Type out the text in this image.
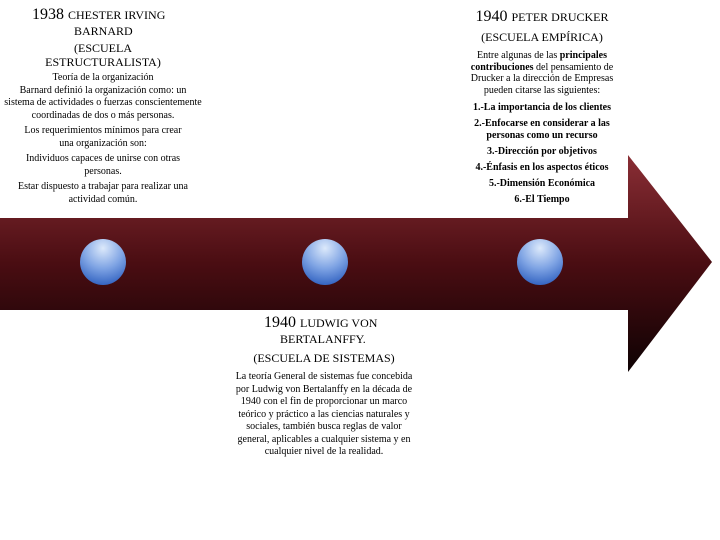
1938 CHESTER IRVING
BARNARD
(ESCUELA ESTRUCTURALISTA)

Teoría de la organización

Barnard definió la organización como: un sistema de actividades o fuerzas conscientemente coordinadas de dos o más personas.

Los requerimientos mínimos para crear una organización son:

Individuos capaces de unirse con otras personas.

Estar dispuesto a trabajar para realizar una actividad común.

1940 PETER DRUCKER
(ESCUELA EMPÍRICA)

Entre algunas de las principales contribuciones del pensamiento de Drucker a la dirección de Empresas pueden citarse las siguientes:

1.-La importancia de los clientes

2.-Enfocarse en considerar a las personas como un recurso

3.-Dirección por objetivos

4.-Énfasis en los aspectos éticos

5.-Dimensión Económica

6.-El Tiempo

1940 LUDWIG VON
BERTALANFFY.
(ESCUELA DE SISTEMAS)

La teoría General de sistemas fue concebida por Ludwig von Bertalanffy en la década de 1940 con el fin de proporcionar un marco teórico y práctico a las ciencias naturales y sociales, también busca reglas de valor general, aplicables a cualquier sistema y en cualquier nivel de la realidad.
